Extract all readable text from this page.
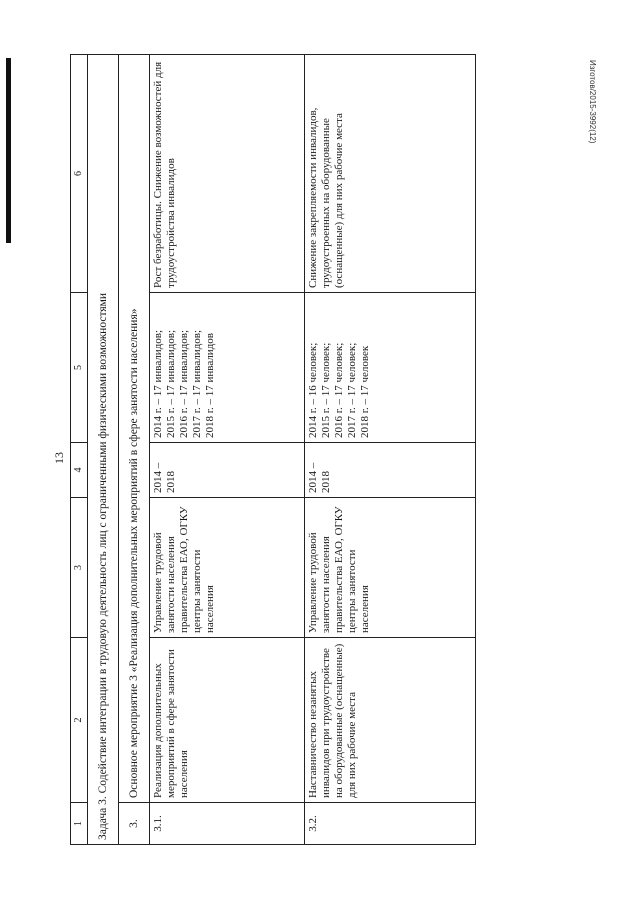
Изготов/2015-3992(12)
13
1	2	3	4	5	6
Задача 3. Содействие интеграции в трудовую деятельность лиц с ограниченными физическими возможностями					
3.	Основное мероприятие 3 «Реализация дополнительных мероприятий в сфере занятости населения»				
3.1.	Реализация дополнительных мероприятий в сфере занятости населения	Управление трудовой занятости населения правительства ЕАО, ОГКУ центры занятости населения	2014 – 2018	2014 г. – 17 инвалидов; 2015 г. – 17 инвалидов; 2016 г. – 17 инвалидов; 2017 г. – 17 инвалидов; 2018 г. – 17 инвалидов	Рост безработицы. Снижение возможностей для трудоустройства инвалидов
3.2.	Наставничество незанятых инвалидов при трудоустройстве на оборудованные (оснащенные) для них рабочие места	Управление трудовой занятости населения правительства ЕАО, ОГКУ центры занятости населения	2014 – 2018	2014 г. – 16 человек; 2015 г. – 17 человек; 2016 г. – 17 человек; 2017 г. – 17 человек; 2018 г. – 17 человек	Снижение закрепляемости инвалидов, трудоустроенных на оборудованные (оснащенные) для них рабочие места
